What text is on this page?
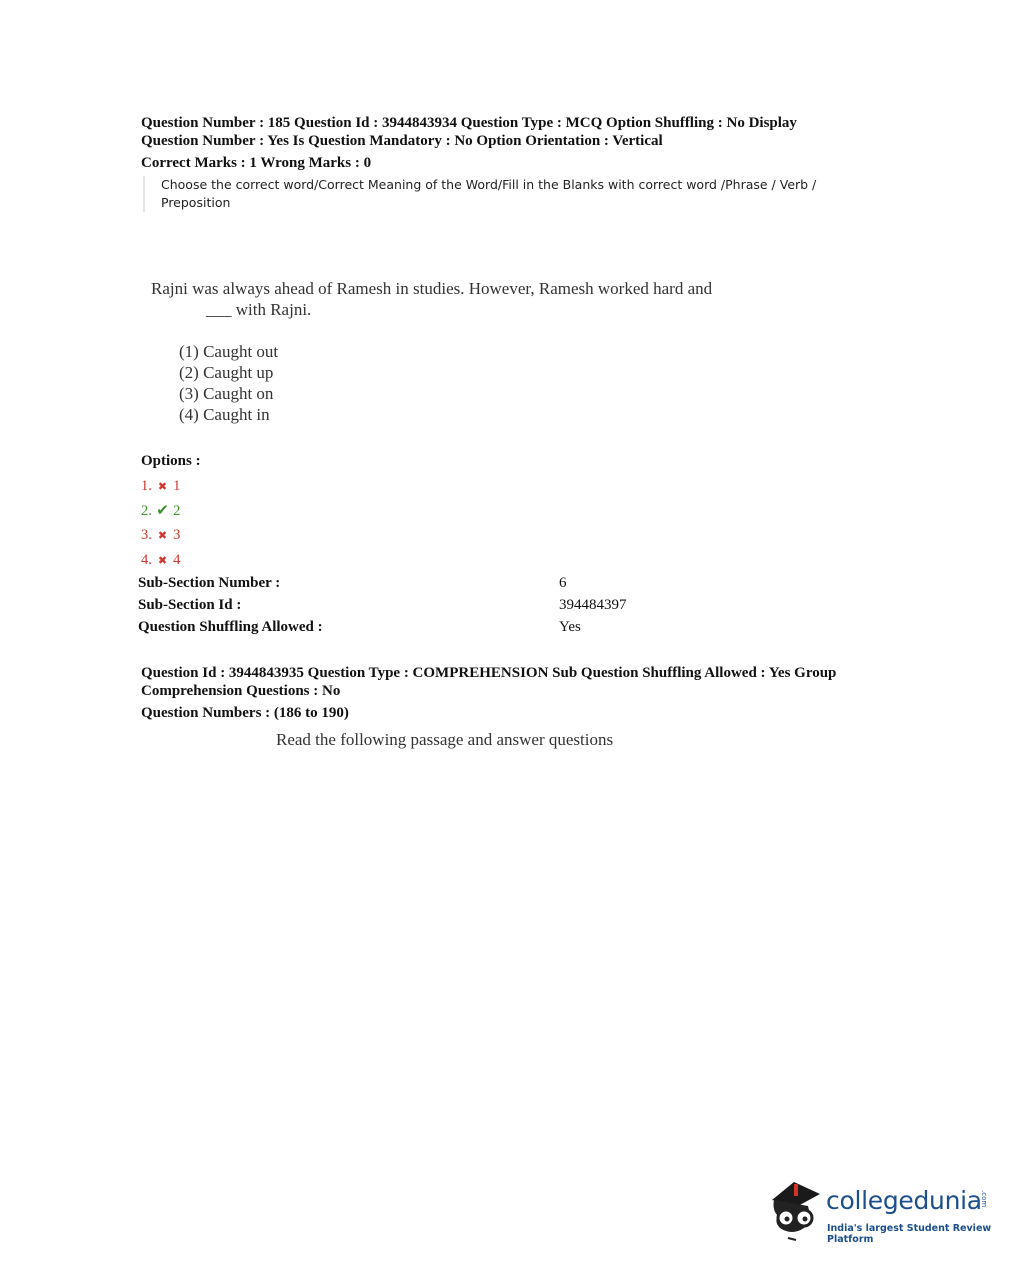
Question Number : 185 Question Id : 3944843934 Question Type : MCQ Option Shuffling : No Display
Question Number : Yes Is Question Mandatory : No Option Orientation : Vertical
Correct Marks : 1 Wrong Marks : 0
Choose the correct word/Correct Meaning of the Word/Fill in the Blanks with correct word /Phrase / Verb /
Preposition
Rajni was always ahead of Ramesh in studies. However, Ramesh worked hard and
___ with Rajni.
(1) Caught out
(2) Caught up
(3) Caught on
(4) Caught in
Options :
1. ✖ 1
2. ✔ 2
3. ✖ 3
4. ✖ 4
Sub-Section Number :	6
Sub-Section Id :	394484397
Question Shuffling Allowed :	Yes
Question Id : 3944843935 Question Type : COMPREHENSION Sub Question Shuffling Allowed : Yes Group
Comprehension Questions : No
Question Numbers : (186 to 190)
Read the following passage and answer questions
collegedunia
.com
India's largest Student Review Platform
